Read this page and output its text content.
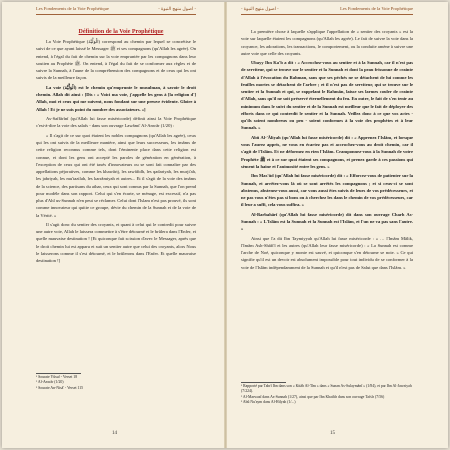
Les Fondements de la Voie Prophétique	- أصول منهج النبوة -

Définition de la Voie Prophétique

La Voie Prophétique (الْوَلَّيَّة) correspond au chemin par lequel se concrétise le suivi de ce que ayant laissé le Messager ﷺ et ses compagnons (qu'Allah les agrée). On entend, à l'égal du fait de chemin sur la voie empruntée par les compagnons dans leur soutien au Prophète ﷺ. On entend, à l'égal du fait de se conformer aux règles et de suivre la Sunnah, à l'aune de la compréhension des compagnons et de ceux qui les ont suivis de la meilleure façon.

La voie (الْوَلَّيَّة) est le chemin qu'emprunte le musulman, à savoir le droit chemin. Allah dit ainsi : [Dis : « Voici ma voie, j'appelle les gens à [la religion d'] Allah, moi et ceux qui me suivent, nous fondant sur une preuve évidente. Gloire à Allah ! Et je ne suis point du nombre des associateurs. »]

As-Saffârînî (qu'Allah lui fasse miséricorde) définit ainsi la Voie Prophétique c'est-à-dire la voie des salafs - dans son ouvrage Lawâmi' Al-Anwâr (1/20) :

« Il s'agit de ce sur quoi étaient les nobles compagnons (qu'Allah les agrée), ceux qui les ont suivis de la meilleure manière, ainsi que leurs successeurs, les imâms de cette religion reconnus comme tels, dont l'éminente place dans cette religion est connue, et dont les gens ont accepté les paroles de génération en génération, à l'exception de ceux qui ont été taxés d'innovateurs ou se sont fait connaître par des appellations péjoratives, comme les khawârij, les rawâfidh, les qadariyah, les murji'ah, les jabriyah, les mu'tazilah, les karrâmiyah et autres... Et il s'agit de la voie des imâms de la science, des partisans du athar, ceux qui sont connus par la Sunnah, que l'on prend pour modèle dans son rapport. Celui qui s'en écarte, se ménage, est excessif, n'a pas plus d'Ahl us-Sunnah n'en peut se réclamer. Celui dont l'Islam n'est pas prouvé, ils sont comme innovateur qui quitte ce groupe, dévie du chemin de la Sunnah et de la voie de la Vérité. »

Il s'agit donc du sentier des croyants, et quant à celui qui le contredit pour suivre une autre voie, Allah le laissera commettre à s'être détourné et le brûlera dans l'Enfer, et quelle mauvaise destination ! [Et quiconque fait scission d'avec le Messager, après que le droit chemin lui est apparu et suit un sentier autre que celui des croyants, alors Nous le laisserons comme il s'est détourné, et le brûlerons dans l'Enfer. Et quelle mauvaise destination !]

¹ Sourate Yûsuf - Verset 18
² Al-Anwâr (1/20)
³ Sourate An-Nisâ' - Verset 115
14
- أصول منهج النبوة -	Les Fondements de la Voie Prophétique

La première chose à laquelle s'applique l'appellation de « sentier des croyants » est la voie sur laquelle étaient les compagnons (qu'Allah les agrée). Le fait de suivre la voie dans la croyance, les adorations, les transactions, le comportement, ou la conduite amène à suivre une autre voie que celle des croyants.

Ubayy Ibn Ka'b a dit : « Accrochez-vous au sentier et à la Sunnah, car il n'est pas de serviteur, qui se trouve sur le sentier et la Sunnah et dont la peau frissonne de crainte d'Allah à l'évocation du Rahman, sans que ses péchés ne se détachent de lui comme les feuilles mortes se détachent de l'arbre ; et il n'est pas de serviteur, qui se trouve sur le sentier et la Sunnah et qui, se rappelant le Rahmân, laisse ses larmes couler de crainte d'Allah, sans qu'il ne soit préservé éternellement du feu. En outre, le fait de s'en tenir au minimum dans le suivi du sentier et de la Sunnah est meilleur que le fait de déployer des efforts dans ce qui contredit le sentier et la Sunnah. Veillez donc à ce que vos actes - qu'ils soient nombreux ou peu - soient conformes à la voie des prophètes et à leur Sunnah. »

Abû Al-'Âliyah (qu'Allah lui fasse miséricorde) dit : « Apprenez l'Islâm, et lorsque vous l'aurez appris, ne vous en écartez pas et accrochez-vous au droit chemin, car il s'agit de l'Islâm. Et ne déformez en rien l'Islâm. Cramponnez-vous à la Sunnah de votre Prophète ﷺ et à ce sur quoi étaient ses compagnons, et prenez garde à ces passions qui sèment la haine et l'animosité entre les gens. »

Ibn Mas'ûd (qu'Allah lui fasse miséricorde) dit : « Efforcez-vous de patienter sur la Sunnah, et arrêtez-vous là où se sont arrêtés les compagnons ; et si ceux-ci se sont abstenus, abstenez-vous aussi, car vous aussi êtes suivis de leurs de vos prédécesseurs, et ne pas vous n'êtes pas si bons ou à cherchez les dans le chemin de vos prédécesseurs, car il leur a suffi, cela vous suffira. »

Al-Barbahârî (qu'Allah lui fasse miséricorde) dit dans son ouvrage Charh As-Sunnah : « L'Islâm est la Sunnah et la Sunnah est l'Islâm, et l'un ne va pas sans l'autre. »

Ainsi que l'a dit Ibn Taymiyyah qu'Allah lui fasse miséricorde : « … l'Imâm Mâlik, l'Imâm Ash-Shâfi'î et les autres (qu'Allah leur fasse miséricorde) : « La Sunnah est comme l'arche de Noé, quiconque y monte est sauvé, et quiconque s'en détourne se noie. » Ce qui signifie qu'il est un devoir est absolument impossible pour tout individu de se conformer à la voie de l'Islâm indépendamment de la Sunnah et qu'il n'est pas de Salut que dans l'Islâm. »

¹ Rapporté par Tabrî Ibn dans son « Kitâb Al-'Ilm » dans « Sunan As-Sulaymânî » (1/84), et par Ibn Al-Jawziyah (7/224).
² Al-Marwazî dans As-Sunnah (1/27), ainsi que par Ibn Khathîr dans son ouvrage Tafsîr (7/56)
³ Abû Nu'aym dans Al-Hilyah (1/...)
15
